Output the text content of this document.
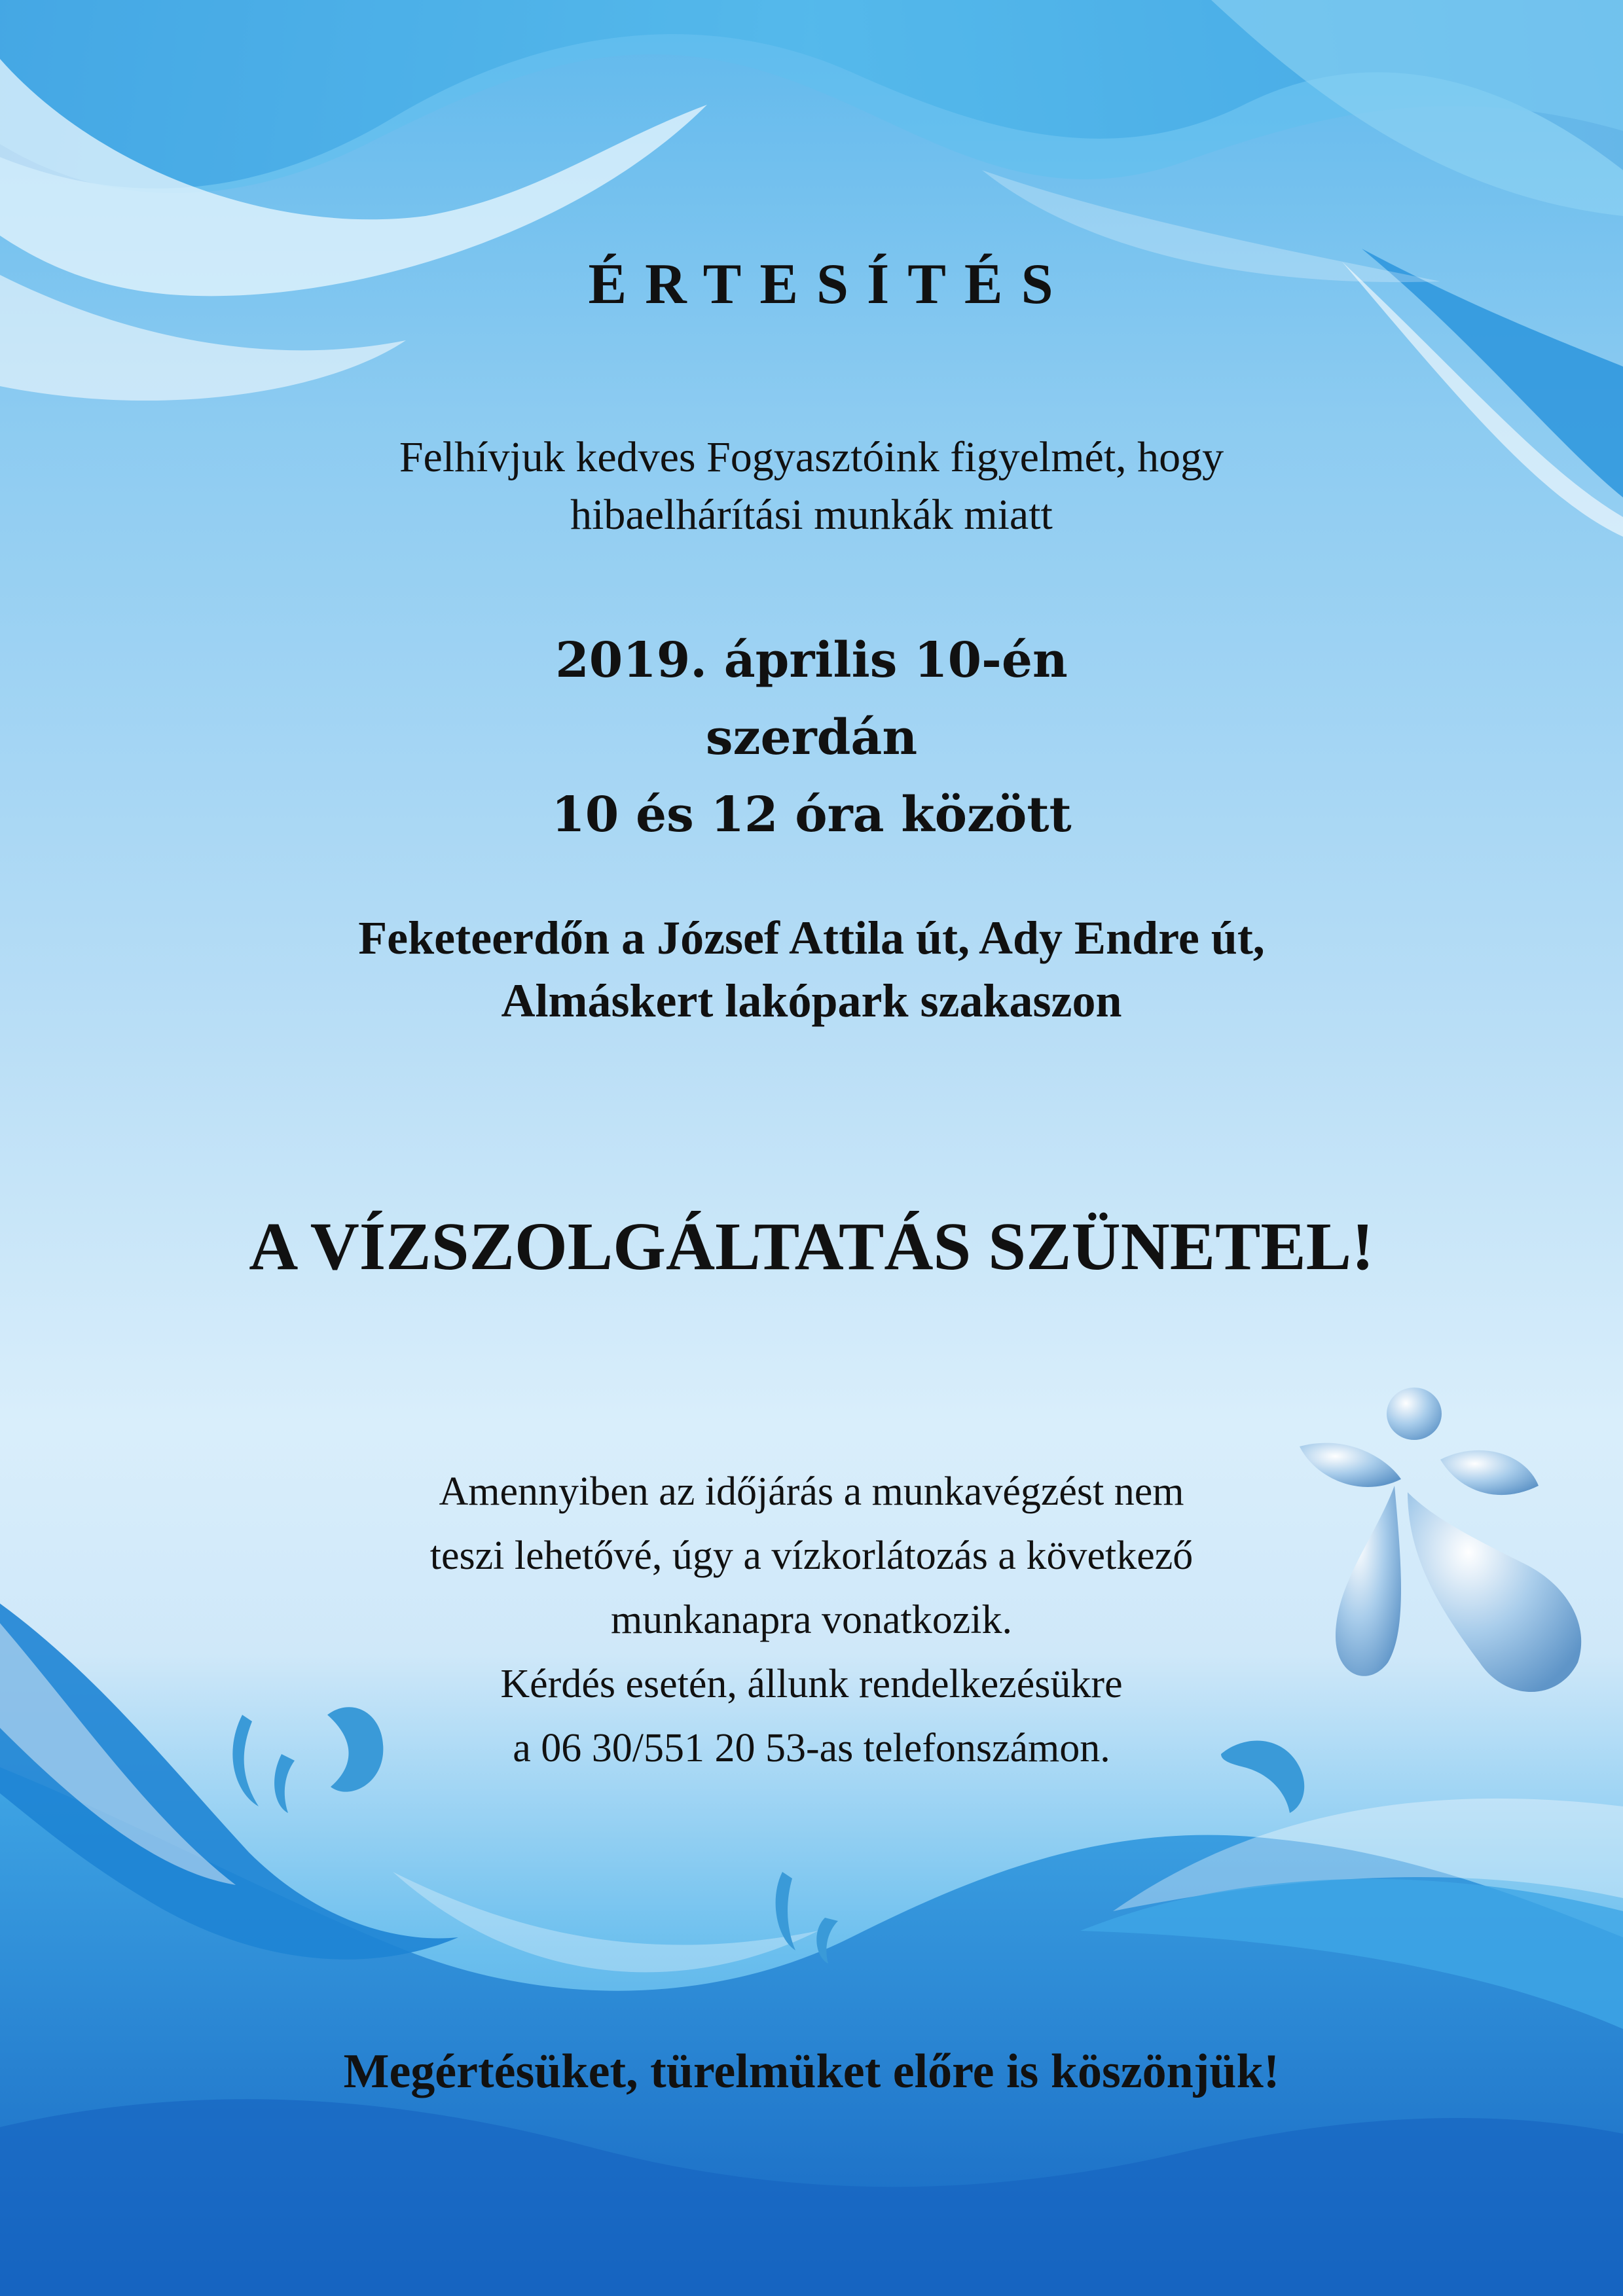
ÉRTESÍTÉS
Felhívjuk kedves Fogyasztóink figyelmét, hogy
hibaelhárítási munkák miatt
2019. április 10-én
szerdán
10 és 12 óra között
Feketeerdőn a József Attila út, Ady Endre út,
Almáskert lakópark szakaszon
A VÍZSZOLGÁLTATÁS SZÜNETEL!
Amennyiben az időjárás a munkavégzést nem
teszi lehetővé, úgy a vízkorlátozás a következő
munkanapra vonatkozik.
Kérdés esetén, állunk rendelkezésükre
a 06 30/551 20 53-as telefonszámon.
Megértésüket, türelmüket előre is köszönjük!
